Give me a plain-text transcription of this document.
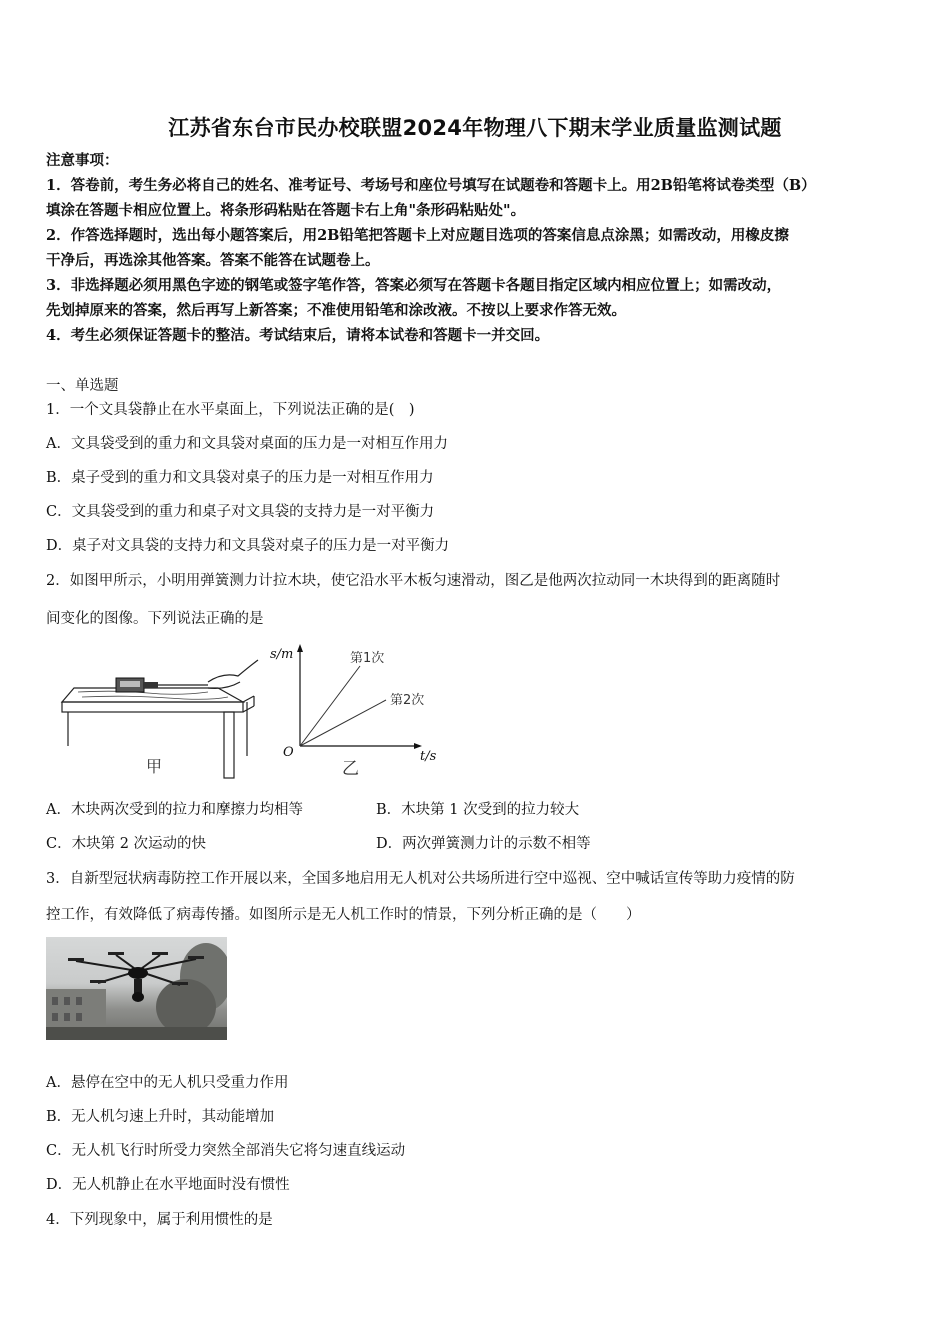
江苏省东台市民办校联盟2024年物理八下期末学业质量监测试题
注意事项：
1．答卷前，考生务必将自己的姓名、准考证号、考场号和座位号填写在试题卷和答题卡上。用2B铅笔将试卷类型（B）
填涂在答题卡相应位置上。将条形码粘贴在答题卡右上角"条形码粘贴处"。
2．作答选择题时，选出每小题答案后，用2B铅笔把答题卡上对应题目选项的答案信息点涂黑；如需改动，用橡皮擦
干净后，再选涂其他答案。答案不能答在试题卷上。
3．非选择题必须用黑色字迹的钢笔或签字笔作答，答案必须写在答题卡各题目指定区域内相应位置上；如需改动，
先划掉原来的答案，然后再写上新答案；不准使用铅笔和涂改液。不按以上要求作答无效。
4．考生必须保证答题卡的整洁。考试结束后，请将本试卷和答题卡一并交回。
一、单选题
1．一个文具袋静止在水平桌面上，下列说法正确的是(　)
A．文具袋受到的重力和文具袋对桌面的压力是一对相互作用力
B．桌子受到的重力和文具袋对桌子的压力是一对相互作用力
C．文具袋受到的重力和桌子对文具袋的支持力是一对平衡力
D．桌子对文具袋的支持力和文具袋对桌子的压力是一对平衡力
2．如图甲所示，小明用弹簧测力计拉木块，使它沿水平木板匀速滑动，图乙是他两次拉动同一木块得到的距离随时
间变化的图像。下列说法正确的是
甲
s/m
t/s
O
第1次
第2次
乙
A．木块两次受到的拉力和摩擦力均相等	B．木块第 1 次受到的拉力较大
C．木块第 2 次运动的快	D．两次弹簧测力计的示数不相等
3．自新型冠状病毒防控工作开展以来，全国多地启用无人机对公共场所进行空中巡视、空中喊话宣传等助力疫情的防
控工作，有效降低了病毒传播。如图所示是无人机工作时的情景，下列分析正确的是（　　）
A．悬停在空中的无人机只受重力作用
B．无人机匀速上升时，其动能增加
C．无人机飞行时所受力突然全部消失它将匀速直线运动
D．无人机静止在水平地面时没有惯性
4．下列现象中，属于利用惯性的是
